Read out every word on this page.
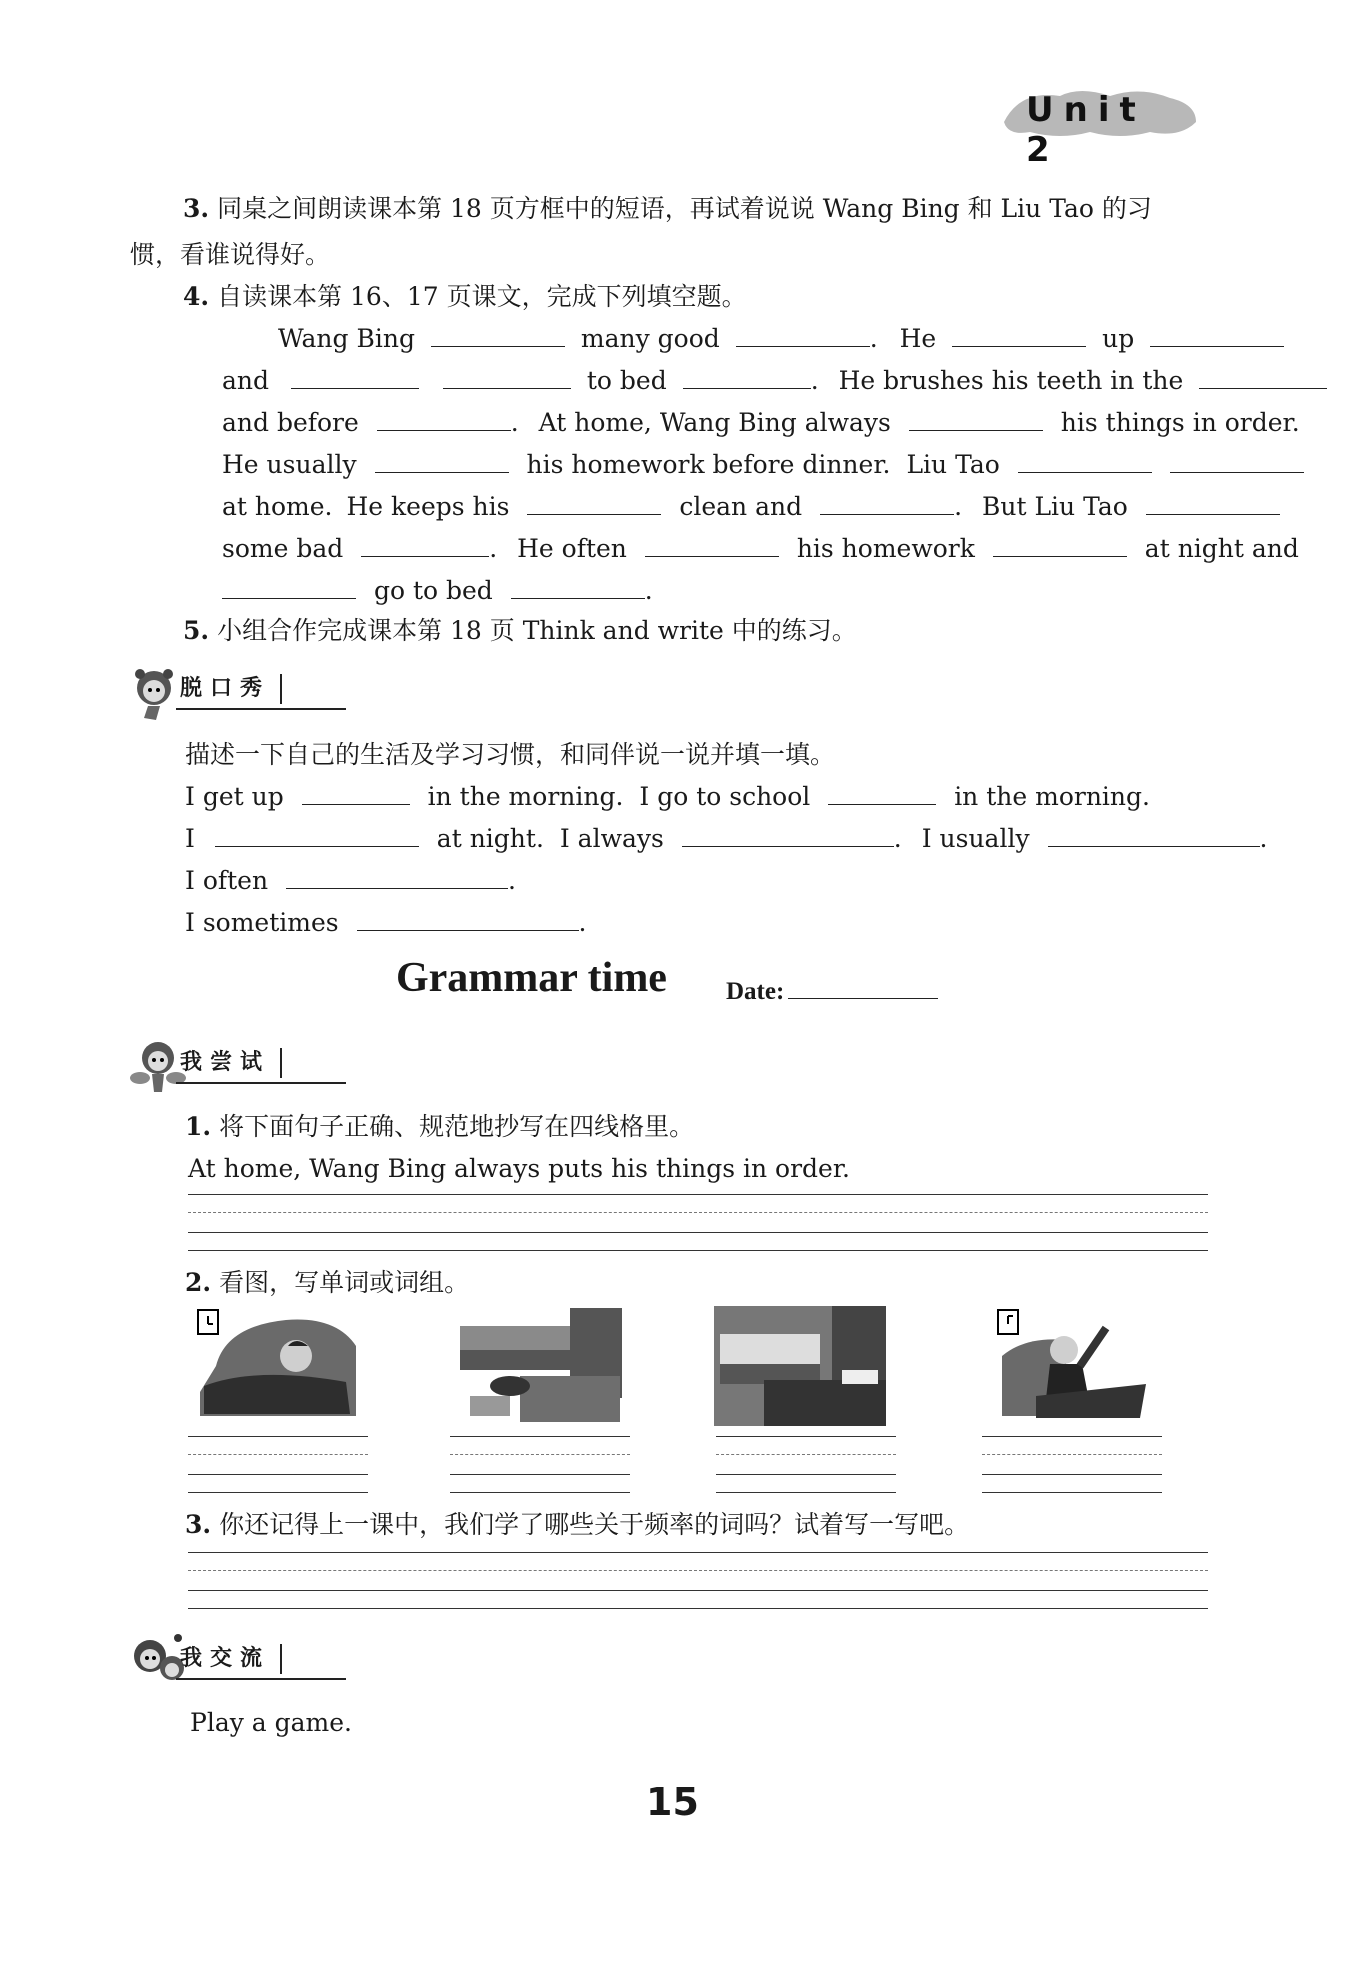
Unit 2
3. 同桌之间朗读课本第 18 页方框中的短语，再试着说说 Wang Bing 和 Liu Tao 的习
惯，看谁说得好。
4. 自读课本第 16、17 页课文，完成下列填空题。
Wang Bing	many good	. He	up
and	to bed	. He brushes his teeth in the
and before	. At home, Wang Bing always	his things in order.
He usually	his homework before dinner. Liu Tao
at home. He keeps his	clean and	. But Liu Tao
some bad	. He often	his homework	at night and
go to bed	.
5. 小组合作完成课本第 18 页 Think and write 中的练习。
脱口秀
描述一下自己的生活及学习习惯，和同伴说一说并填一填。
I get up	in the morning. I go to school	in the morning.
I	at night. I always	. I usually	.
I often	.
I sometimes	.
Grammar time Date:
我尝试
1. 将下面句子正确、规范地抄写在四线格里。
At home, Wang Bing always puts his things in order.
2. 看图，写单词或词组。
3. 你还记得上一课中，我们学了哪些关于频率的词吗？试着写一写吧。
我交流
Play a game.
15
